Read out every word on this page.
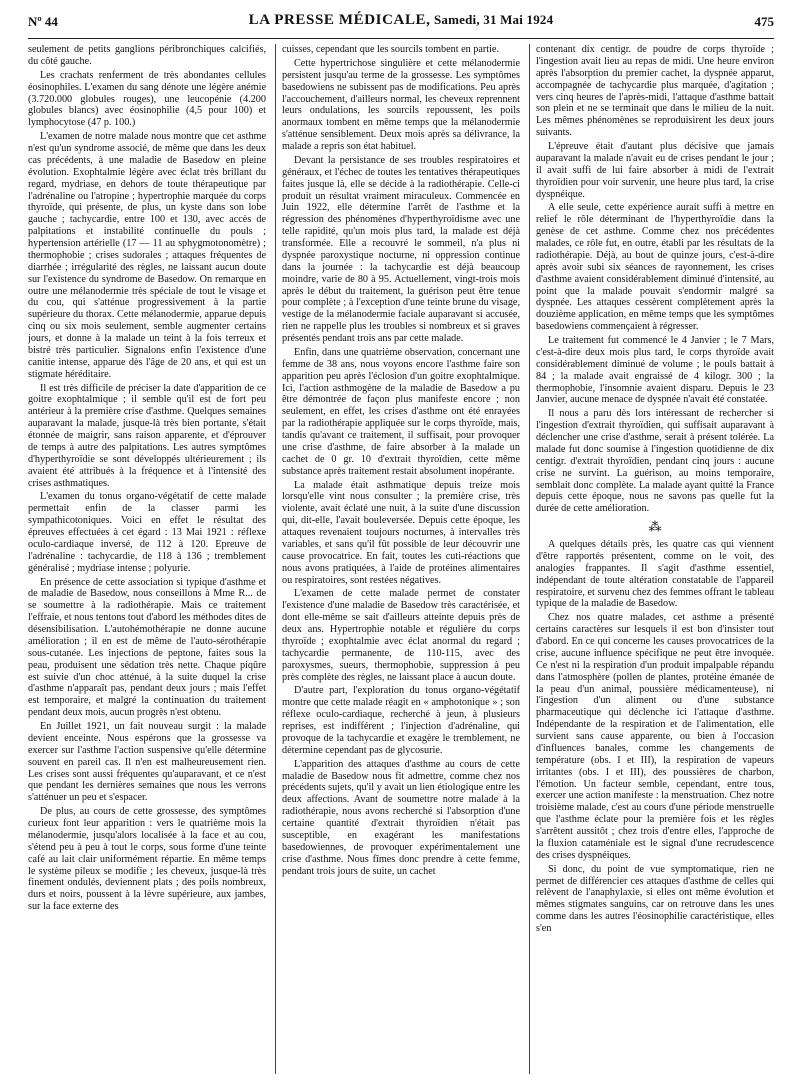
Nº 44	LA PRESSE MÉDICALE, Samedi, 31 Mai 1924	475

seulement de petits ganglions péribronchiques calcifiés, du côté gauche.

Les crachats renferment de très abondantes cellules éosinophiles. L'examen du sang dénote une légère anémie (3.720.000 globules rouges), une leucopénie (4.200 globules blancs) avec éosinophilie (4,5 pour 100) et lymphocytose (47 p. 100.)

L'examen de notre malade nous montre que cet asthme n'est qu'un syndrome associé, de même que dans les deux cas précédents, à une maladie de Basedow en pleine évolution. Exophtalmie légère avec éclat très brillant du regard, mydriase, en dehors de toute thérapeutique par l'adrénaline ou l'atropine ; hypertrophie marquée du corps thyroïde, qui présente, de plus, un kyste dans son lobe gauche ; tachycardie, entre 100 et 130, avec accès de palpitations et instabilité continuelle du pouls ; hypertension artérielle (17 — 11 au sphygmotonomètre) ; thermophobie ; crises sudorales ; attaques fréquentes de diarrhée ; irrégularité des règles, ne laissant aucun doute sur l'existence du syndrome de Basedow. On remarque en outre une mélanodermie très spéciale de tout le visage et du cou, qui s'atténue progressivement à la partie supérieure du thorax. Cette mélanodermie, apparue depuis cinq ou six mois seulement, semble augmenter certains jours, et donne à la malade un teint à la fois terreux et bistré très particulier. Signalons enfin l'existence d'une canitie intense, apparue dès l'âge de 20 ans, et qui est un stigmate héréditaire.

Il est très difficile de préciser la date d'apparition de ce goitre exophtalmique ; il semble qu'il est de fort peu antérieur à la première crise d'asthme. Quelques semaines auparavant la malade, jusque-là très bien portante, s'était étonnée de maigrir, sans raison apparente, et d'éprouver de temps à autre des palpitations. Les autres symptômes d'hyperthyroïdie se sont développés ultérieurement ; ils avaient été attribués à la fréquence et à l'intensité des crises asthmatiques.

L'examen du tonus organo-végétatif de cette malade permettait enfin de la classer parmi les sympathicotoniques. Voici en effet le résultat des épreuves effectuées à cet égard : 13 Mai 1921 : réflexe oculo-cardiaque inversé, de 112 à 120. Epreuve de l'adrénaline : tachycardie, de 118 à 136 ; tremblement généralisé ; mydriase intense ; polyurie.

En présence de cette association si typique d'asthme et de maladie de Basedow, nous conseillons à Mme R... de se soumettre à la radiothérapie. Mais ce traitement l'effraie, et nous tentons tout d'abord les méthodes dites de désensibilisation. L'autohémothérapie ne donne aucune amélioration ; il en est de même de l'auto-sérothérapie sous-cutanée. Les injections de peptone, faites sous la peau, produisent une sédation très nette. Chaque piqûre est suivie d'un choc atténué, à la suite duquel la crise d'asthme n'apparaît pas, pendant deux jours ; mais l'effet est temporaire, et malgré la continuation du traitement pendant deux mois, aucun progrès n'est obtenu.

En Juillet 1921, un fait nouveau surgit : la malade devient enceinte. Nous espérons que la grossesse va exercer sur l'asthme l'action suspensive qu'elle détermine souvent en pareil cas. Il n'en est malheureusement rien. Les crises sont aussi fréquentes qu'auparavant, et ce n'est que pendant les dernières semaines que nous les verrons s'atténuer un peu et s'espacer.

De plus, au cours de cette grossesse, des symptômes curieux font leur apparition : vers le quatrième mois la mélanodermie, jusqu'alors localisée à la face et au cou, s'étend peu à peu à tout le corps, sous forme d'une teinte café au lait clair uniformément répartie. En même temps le système pileux se modifie ; les cheveux, jusque-là très finement ondulés, deviennent plats ; des poils nombreux, durs et noirs, poussent à la lèvre supérieure, aux jambes, sur la face externe des

cuisses, cependant que les sourcils tombent en partie.

Cette hypertrichose singulière et cette mélanodermie persistent jusqu'au terme de la grossesse. Les symptômes basedowiens ne subissent pas de modifications. Peu après l'accouchement, d'ailleurs normal, les cheveux reprennent leurs ondulations, les sourcils repoussent, les poils anormaux tombent en même temps que la mélanodermie s'atténue sensiblement. Deux mois après sa délivrance, la malade a repris son état habituel.

Devant la persistance de ses troubles respiratoires et généraux, et l'échec de toutes les tentatives thérapeutiques faites jusque là, elle se décide à la radiothérapie. Celle-ci produit un résultat vraiment miraculeux. Commencée en Juin 1922, elle détermine l'arrêt de l'asthme et la régression des phénomènes d'hyperthyroïdisme avec une telle rapidité, qu'un mois plus tard, la malade est déjà transformée. Elle a recouvré le sommeil, n'a plus ni dyspnée paroxystique nocturne, ni oppression continue dans la journée : la tachycardie est déjà beaucoup moindre, varie de 80 à 95. Actuellement, vingt-trois mois après le début du traitement, la guérison peut être tenue pour complète ; à l'exception d'une teinte brune du visage, vestige de la mélanodermie faciale auparavant si accusée, rien ne rappelle plus les troubles si nombreux et si graves présentés pendant trois ans par cette malade.

Enfin, dans une quatrième observation, concernant une femme de 38 ans, nous voyons encore l'asthme faire son apparition peu après l'éclosion d'un goitre exophtalmique. Ici, l'action asthmogène de la maladie de Basedow a pu être démontrée de façon plus manifeste encore ; non seulement, en effet, les crises d'asthme ont été enrayées par la radiothérapie appliquée sur le corps thyroïde, mais, tandis qu'avant ce traitement, il suffisait, pour provoquer une crise d'asthme, de faire absorber à la malade un cachet de 0 gr. 10 d'extrait thyroïdien, cette même substance après traitement restait absolument inopérante.

La malade était asthmatique depuis treize mois lorsqu'elle vint nous consulter ; la première crise, très violente, avait éclaté une nuit, à la suite d'une discussion qui, dit-elle, l'avait bouleversée. Depuis cette époque, les attaques revenaient toujours nocturnes, à intervalles très variables, et sans qu'il fût possible de leur découvrir une cause provocatrice. En fait, toutes les cuti-réactions que nous avons pratiquées, à l'aide de protéines alimentaires ou respiratoires, sont restées négatives.

L'examen de cette malade permet de constater l'existence d'une maladie de Basedow très caractérisée, et dont elle-même se sait d'ailleurs atteinte depuis près de deux ans. Hypertrophie notable et régulière du corps thyroïde ; exophtalmie avec éclat anormal du regard ; tachycardie permanente, de 110-115, avec des paroxysmes, sueurs, thermophobie, suppression à peu près complète des règles, ne laissant place à aucun doute.

D'autre part, l'exploration du tonus organo-végétatif montre que cette malade réagit en « amphotonique » ; son réflexe oculo-cardiaque, recherché à jeun, à plusieurs reprises, est indifférent ; l'injection d'adrénaline, qui provoque de la tachycardie et exagère le tremblement, ne détermine cependant pas de glycosurie.

L'apparition des attaques d'asthme au cours de cette maladie de Basedow nous fit admettre, comme chez nos précédents sujets, qu'il y avait un lien étiologique entre les deux affections. Avant de soumettre notre malade à la radiothérapie, nous avons recherché si l'absorption d'une certaine quantité d'extrait thyroïdien n'était pas susceptible, en exagérant les manifestations basedowiennes, de provoquer expérimentalement une crise d'asthme. Nous fîmes donc prendre à cette femme, pendant trois jours de suite, un cachet

contenant dix centigr. de poudre de corps thyroïde ; l'ingestion avait lieu au repas de midi. Une heure environ après l'absorption du premier cachet, la dyspnée apparut, accompagnée de tachycardie plus marquée, d'agitation ; vers cinq heures de l'après-midi, l'attaque d'asthme battait son plein et ne se terminait que dans le milieu de la nuit. Les mêmes phénomènes se reproduisirent les deux jours suivants.

L'épreuve était d'autant plus décisive que jamais auparavant la malade n'avait eu de crises pendant le jour ; il avait suffi de lui faire absorber à midi de l'extrait thyroïdien pour voir survenir, une heure plus tard, la crise dyspnéique.

A elle seule, cette expérience aurait suffi à mettre en relief le rôle déterminant de l'hyperthyroïdie dans la genèse de cet asthme. Comme chez nos précédentes malades, ce rôle fut, en outre, établi par les résultats de la radiothérapie. Déjà, au bout de quinze jours, c'est-à-dire après avoir subi six séances de rayonnement, les crises d'asthme avaient considérablement diminué d'intensité, au point que la malade pouvait s'endormir malgré sa dyspnée. Les attaques cessèrent complètement après la douzième application, en même temps que les symptômes basedowiens commençaient à régresser.

Le traitement fut commencé le 4 Janvier ; le 7 Mars, c'est-à-dire deux mois plus tard, le corps thyroïde avait considérablement diminué de volume ; le pouls battait à 84 ; la malade avait engraissé de 4 kilogr. 300 ; la thermophobie, l'insomnie avaient disparu. Depuis le 23 Janvier, aucune menace de dyspnée n'avait été constatée.

Il nous a paru dès lors intéressant de rechercher si l'ingestion d'extrait thyroïdien, qui suffisait auparavant à déclencher une crise d'asthme, serait à présent tolérée. La malade fut donc soumise à l'ingestion quotidienne de dix centigr. d'extrait thyroïdien, pendant cinq jours : aucune crise ne survint. La guérison, au moins temporaire, semblait donc complète. La malade ayant quitté la France depuis cette époque, nous ne savons pas quelle fut la durée de cette amélioration.

⁂

A quelques détails près, les quatre cas qui viennent d'être rapportés présentent, comme on le voit, des analogies frappantes. Il s'agit d'asthme essentiel, indépendant de toute altération constatable de l'appareil respiratoire, et survenu chez des femmes offrant le tableau typique de la maladie de Basedow.

Chez nos quatre malades, cet asthme a présenté certains caractères sur lesquels il est bon d'insister tout d'abord. En ce qui concerne les causes provocatrices de la crise, aucune influence spécifique ne peut être invoquée. Ce n'est ni la respiration d'un produit impalpable répandu dans l'atmosphère (pollen de plantes, protéine émanée de la peau d'un animal, poussière médicamenteuse), ni l'ingestion d'un aliment ou d'une substance pharmaceutique qui déclenche ici l'attaque d'asthme. Indépendante de la respiration et de l'alimentation, elle survient sans cause apparente, ou bien à l'occasion d'influences banales, comme les changements de température (obs. I et III), la respiration de vapeurs irritantes (obs. I et III), des poussières de charbon, l'émotion. Un facteur semble, cependant, entre tous, exercer une action manifeste : la menstruation. Chez notre troisième malade, c'est au cours d'une période menstruelle que l'asthme éclate pour la première fois et les règles s'arrêtent aussitôt ; chez trois d'entre elles, l'approche de la fluxion cataméniale est le signal d'une recrudescence des crises dyspnéiques.

Si donc, du point de vue symptomatique, rien ne permet de différencier ces attaques d'asthme de celles qui relèvent de l'anaphylaxie, si elles ont même évolution et mêmes stigmates sanguins, car on retrouve dans les unes comme dans les autres l'éosinophilie caractéristique, elles s'en
